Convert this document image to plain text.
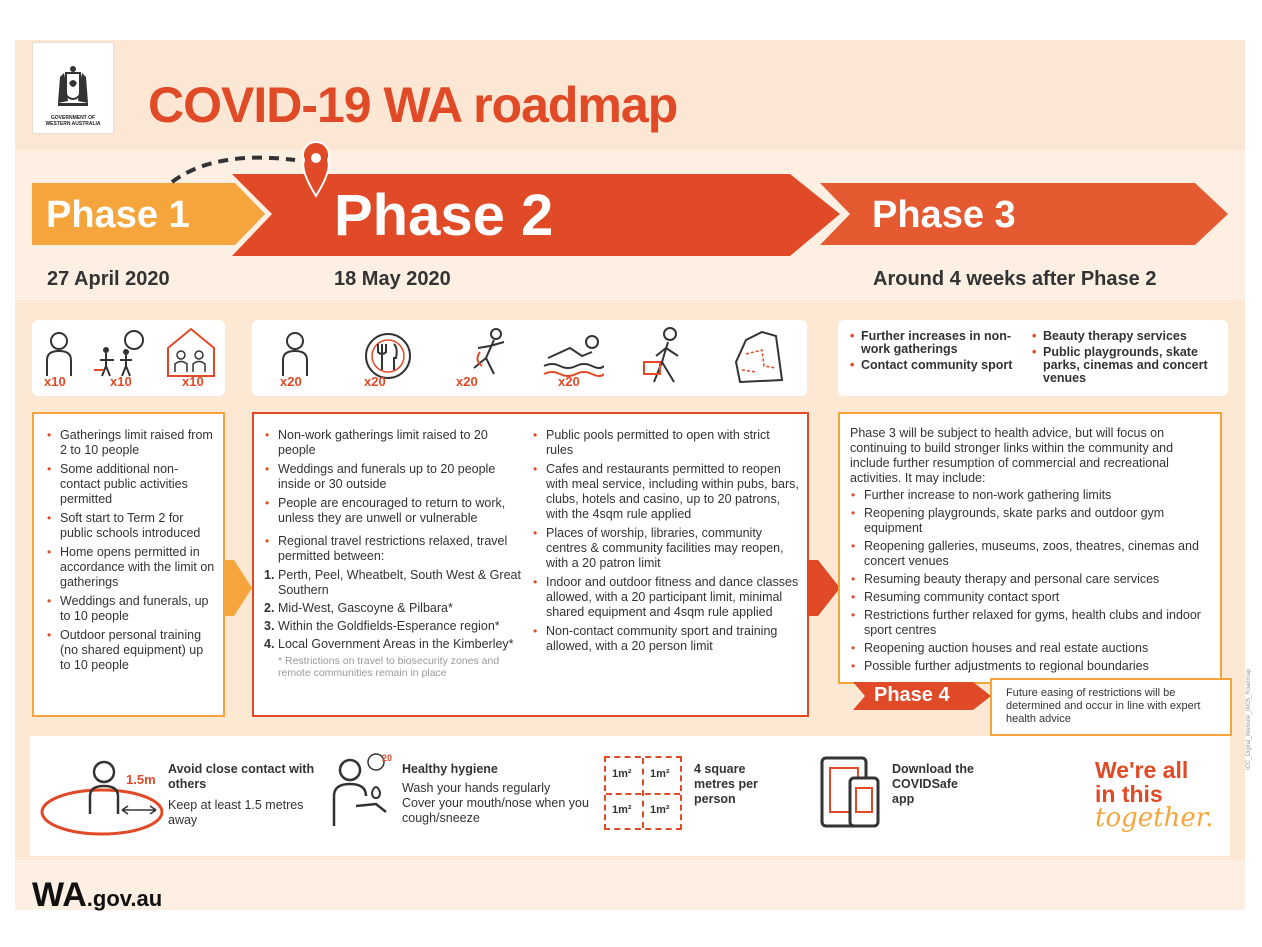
GOVERNMENT OF
WESTERN AUSTRALIA COVID-19 WA roadmap
Phase 1 Phase 2	Phase 3
27 April 2020	18 May 2020	Around 4 weeks after Phase 2
x10	x10	x10	x20	x20	x20	x20
• Further increases in non-work gatherings
• Contact community sport
• Beauty therapy services
• Public playgrounds, skate parks, cinemas and concert venues
• Gatherings limit raised from 2 to 10 people
• Some additional non-contact public activities permitted
• Soft start to Term 2 for public schools introduced
• Home opens permitted in accordance with the limit on gatherings
• Weddings and funerals, up to 10 people
• Outdoor personal training (no shared equipment) up to 10 people
• Non-work gatherings limit raised to 20 people
• Weddings and funerals up to 20 people inside or 30 outside
• People are encouraged to return to work, unless they are unwell or vulnerable
• Regional travel restrictions relaxed, travel permitted between:
1. Perth, Peel, Wheatbelt, South West & Great Southern
2. Mid-West, Gascoyne & Pilbara*
3. Within the Goldfields-Esperance region*
4. Local Government Areas in the Kimberley*
* Restrictions on travel to biosecurity zones and remote communities remain in place
• Public pools permitted to open with strict rules
• Cafes and restaurants permitted to reopen with meal service, including within pubs, bars, clubs, hotels and casino, up to 20 patrons, with the 4sqm rule applied
• Places of worship, libraries, community centres & community facilities may reopen, with a 20 patron limit
• Indoor and outdoor fitness and dance classes allowed, with a 20 participant limit, minimal shared equipment and 4sqm rule applied
• Non-contact community sport and training allowed, with a 20 person limit
Phase 3 will be subject to health advice, but will focus on continuing to build stronger links within the community and include further resumption of commercial and recreational activities. It may include:
• Further increase to non-work gathering limits
• Reopening playgrounds, skate parks and outdoor gym equipment
• Reopening galleries, museums, zoos, theatres, cinemas and concert venues
• Resuming beauty therapy and personal care services
• Resuming community contact sport
• Restrictions further relaxed for gyms, health clubs and indoor sport centres
• Reopening auction houses and real estate auctions
• Possible further adjustments to regional boundaries
Phase 4	Future easing of restrictions will be determined and occur in line with expert health advice
1.5m
Avoid close contact with others
Keep at least 1.5 metres away
20
Healthy hygiene
Wash your hands regularly
Cover your mouth/nose when you cough/sneeze
1m² 1m²
1m² 1m²
4 square metres per person
Download the COVIDSafe app
We're all
in this
together.
WA.gov.au
ICC_Digital_Website_0005_Roadmap
